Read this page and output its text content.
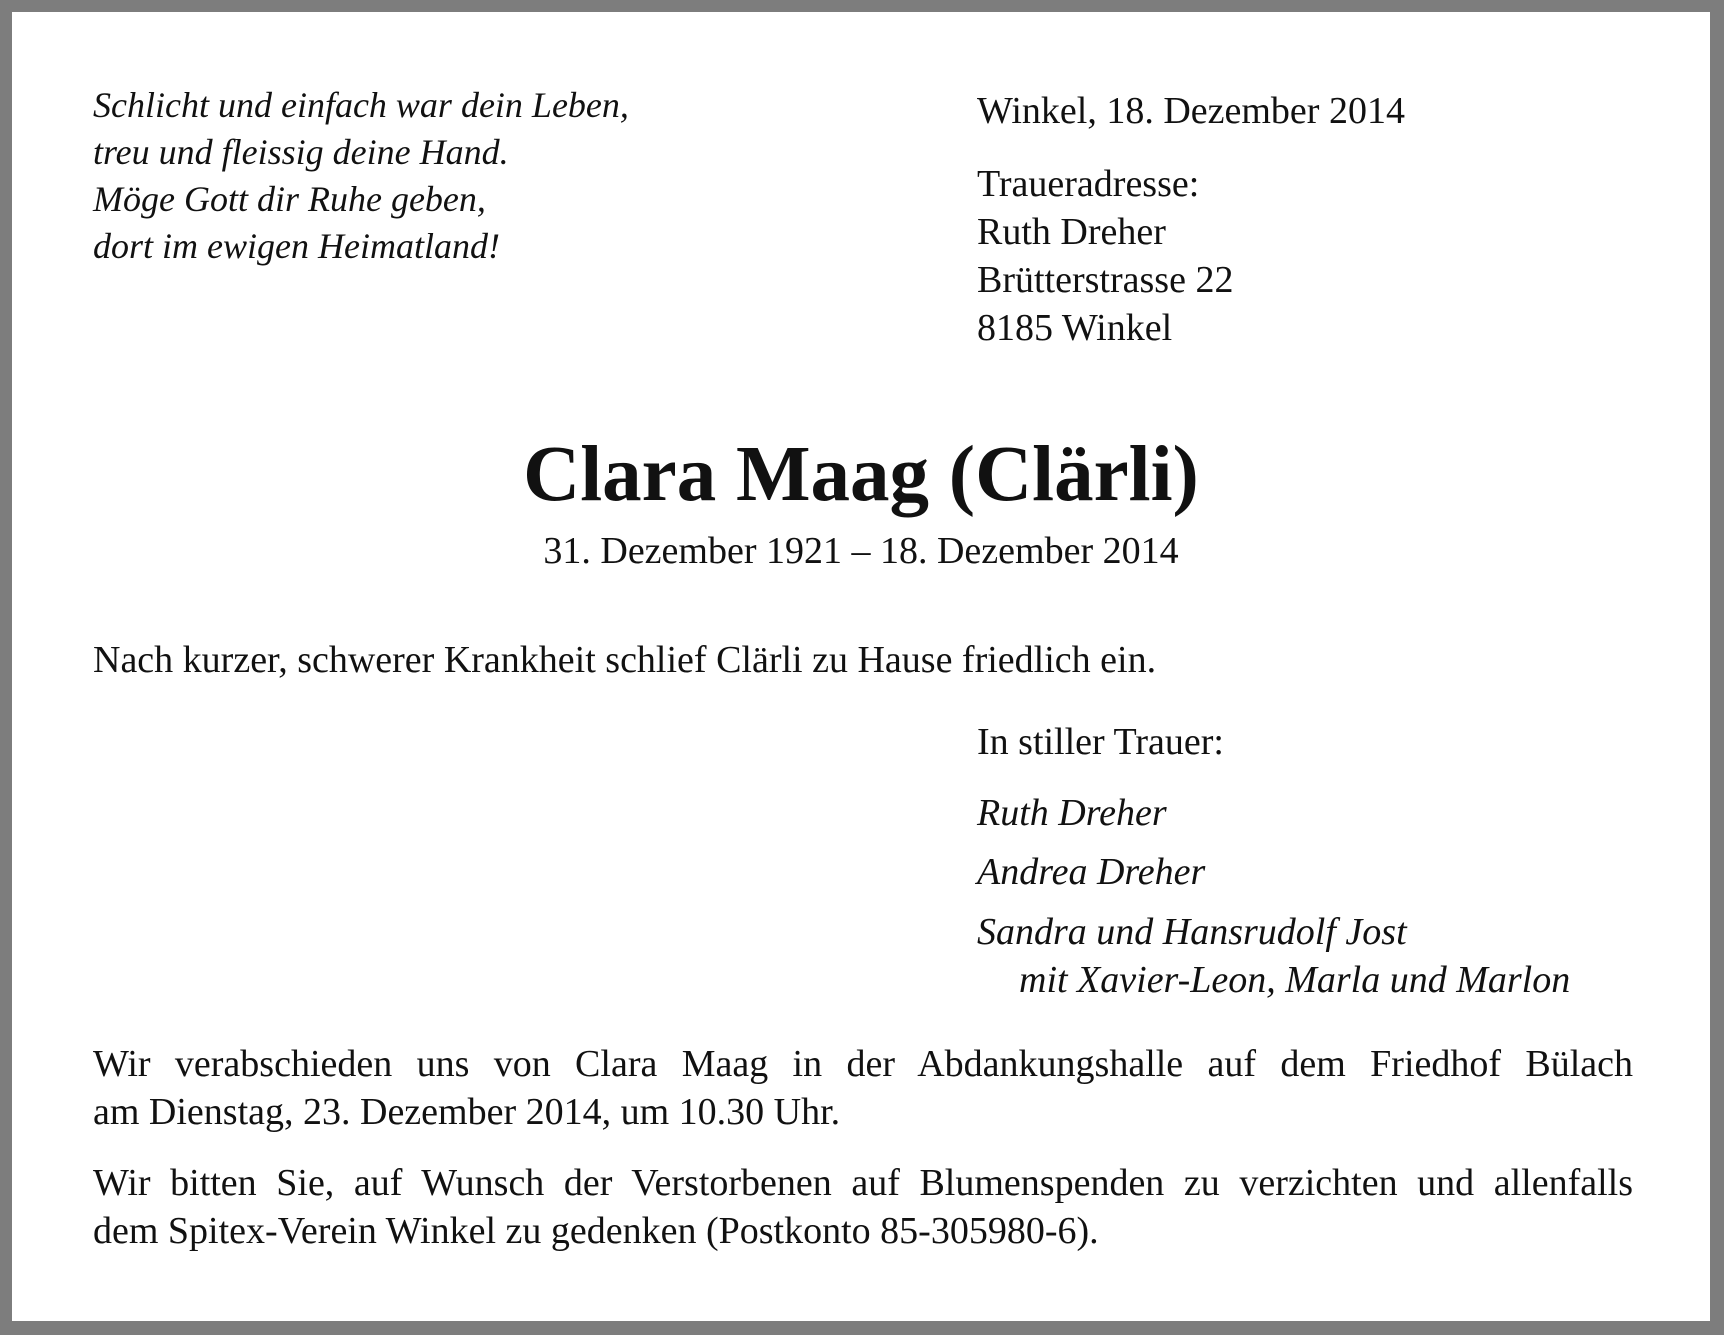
Schlicht und einfach war dein Leben,
treu und fleissig deine Hand.
Möge Gott dir Ruhe geben,
dort im ewigen Heimatland!
Winkel, 18. Dezember 2014
Traueradresse:
Ruth Dreher
Brütterstrasse 22
8185 Winkel
Clara Maag (Clärli)
31. Dezember 1921 – 18. Dezember 2014
Nach kurzer, schwerer Krankheit schlief Clärli zu Hause friedlich ein.
In stiller Trauer:
Ruth Dreher
Andrea Dreher
Sandra und Hansrudolf Jost
mit Xavier-Leon, Marla und Marlon
Wir verabschieden uns von Clara Maag in der Abdankungshalle auf dem Friedhof Bülach
am Dienstag, 23. Dezember 2014, um 10.30 Uhr.
Wir bitten Sie, auf Wunsch der Verstorbenen auf Blumenspenden zu verzichten und allenfalls
dem Spitex-Verein Winkel zu gedenken (Postkonto 85-305980-6).
